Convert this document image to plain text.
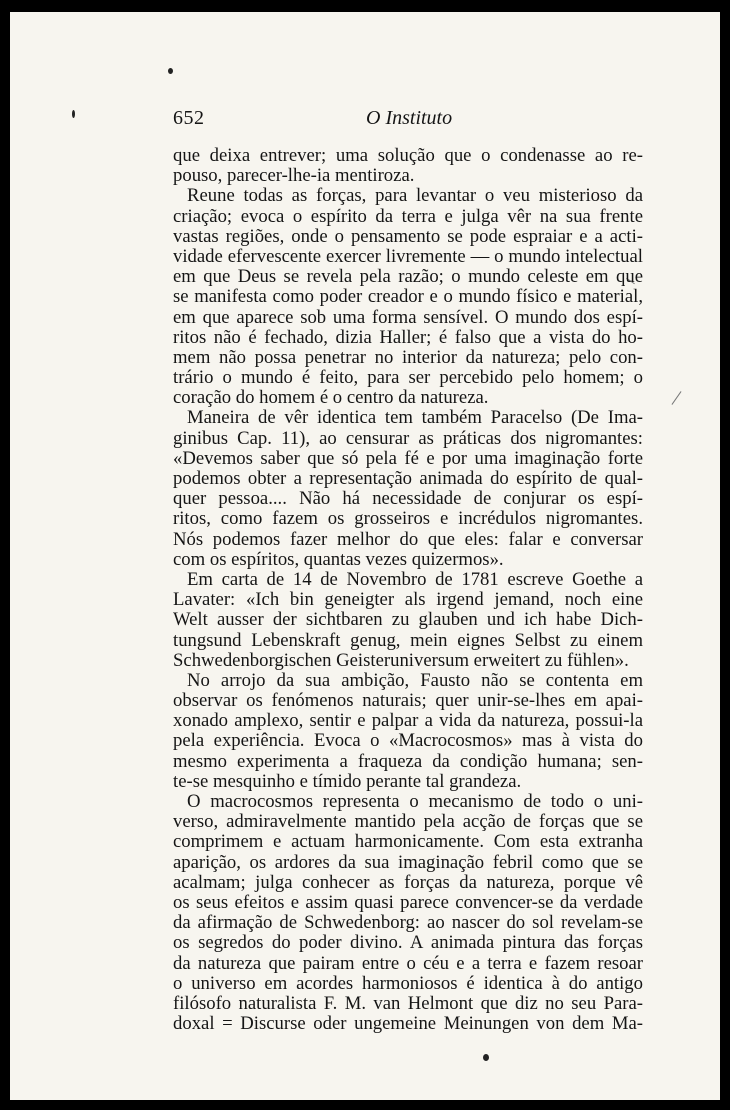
652	O Instituto
que deixa entrever; uma solução que o condenasse ao re-
pouso, parecer-lhe-ia mentiroza.
Reune todas as forças, para levantar o veu misterioso da
criação; evoca o espírito da terra e julga vêr na sua frente
vastas regiões, onde o pensamento se pode espraiar e a acti-
vidade efervescente exercer livremente — o mundo intelectual
em que Deus se revela pela razão; o mundo celeste em que
se manifesta como poder creador e o mundo físico e material,
em que aparece sob uma forma sensível. O mundo dos espí-
ritos não é fechado, dizia Haller; é falso que a vista do ho-
mem não possa penetrar no interior da natureza; pelo con-
trário o mundo é feito, para ser percebido pelo homem; o
coração do homem é o centro da natureza.
Maneira de vêr identica tem também Paracelso (De Ima-
ginibus Cap. 11), ao censurar as práticas dos nigromantes:
«Devemos saber que só pela fé e por uma imaginação forte
podemos obter a representação animada do espírito de qual-
quer pessoa.... Não há necessidade de conjurar os espí-
ritos, como fazem os grosseiros e incrédulos nigromantes.
Nós podemos fazer melhor do que eles: falar e conversar
com os espíritos, quantas vezes quizermos».
Em carta de 14 de Novembro de 1781 escreve Goethe a
Lavater: «Ich bin geneigter als irgend jemand, noch eine
Welt ausser der sichtbaren zu glauben und ich habe Dich-
tungsund Lebenskraft genug, mein eignes Selbst zu einem
Schwedenborgischen Geisteruniversum erweitert zu fühlen».
No arrojo da sua ambição, Fausto não se contenta em
observar os fenómenos naturais; quer unir-se-lhes em apai-
xonado amplexo, sentir e palpar a vida da natureza, possui-la
pela experiência. Evoca o «Macrocosmos» mas à vista do
mesmo experimenta a fraqueza da condição humana; sen-
te-se mesquinho e tímido perante tal grandeza.
O macrocosmos representa o mecanismo de todo o uni-
verso, admiravelmente mantido pela acção de forças que se
comprimem e actuam harmonicamente. Com esta extranha
aparição, os ardores da sua imaginação febril como que se
acalmam; julga conhecer as forças da natureza, porque vê
os seus efeitos e assim quasi parece convencer-se da verdade
da afirmação de Schwedenborg: ao nascer do sol revelam-se
os segredos do poder divino. A animada pintura das forças
da natureza que pairam entre o céu e a terra e fazem resoar
o universo em acordes harmoniosos é identica à do antigo
filósofo naturalista F. M. van Helmont que diz no seu Para-
doxal = Discurse oder ungemeine Meinungen von dem Ma-
